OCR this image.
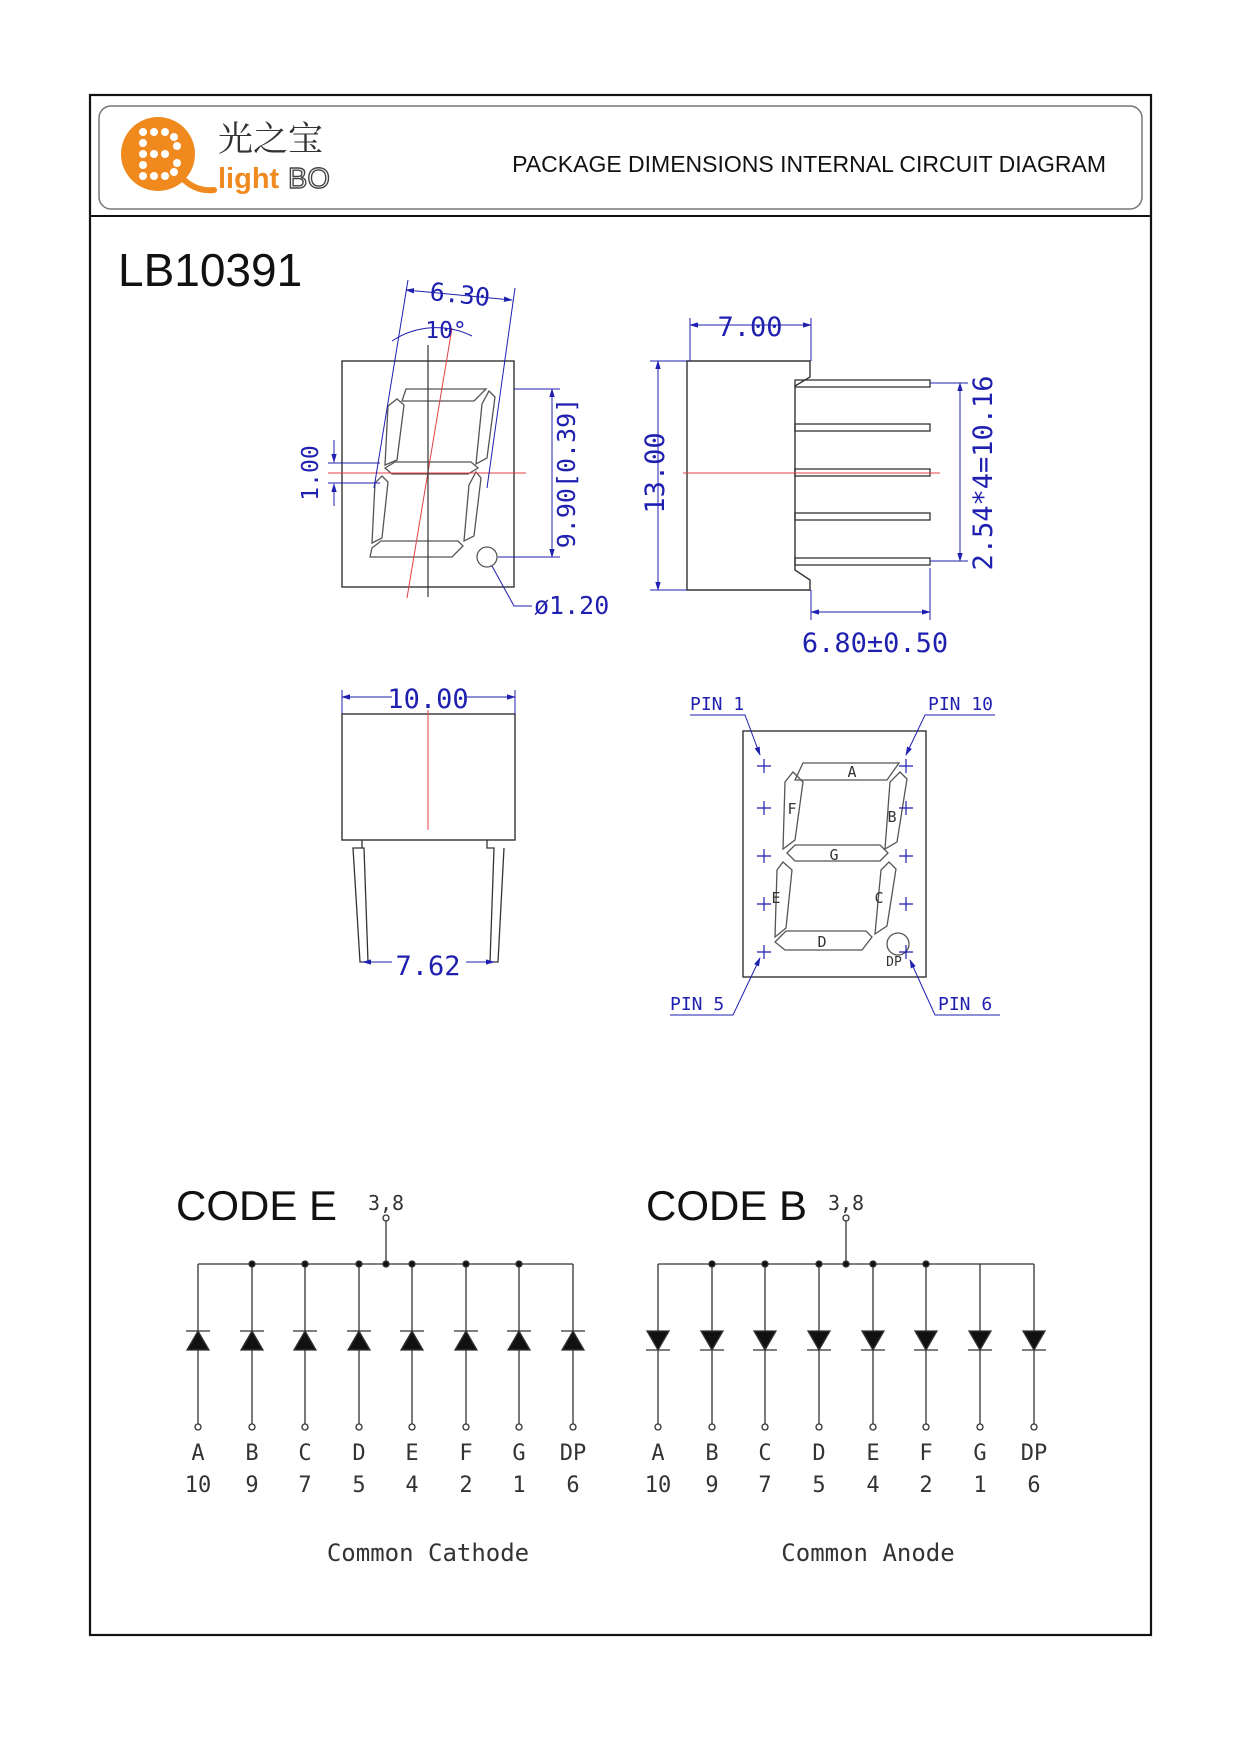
光之宝
light BO	PACKAGE DIMENSIONS INTERNAL CIRCUIT DIAGRAM
LB10391	6.30
10°
9.90[0.39]
1.00
ø1.20

7.00
13.00	2.54*4=10.16
6.80±0.50
10.00
7.62
A
B
C
D
E
F
G
DP
PIN 1	PIN 10
PIN 5	PIN 6
CODE E 3,8
A B C D E F G DP
10 9 7 5 4 2 1 6
Common Cathode
CODE B 3,8
A B C D E F G DP
10 9 7 5 4 2 1 6
Common Anode
